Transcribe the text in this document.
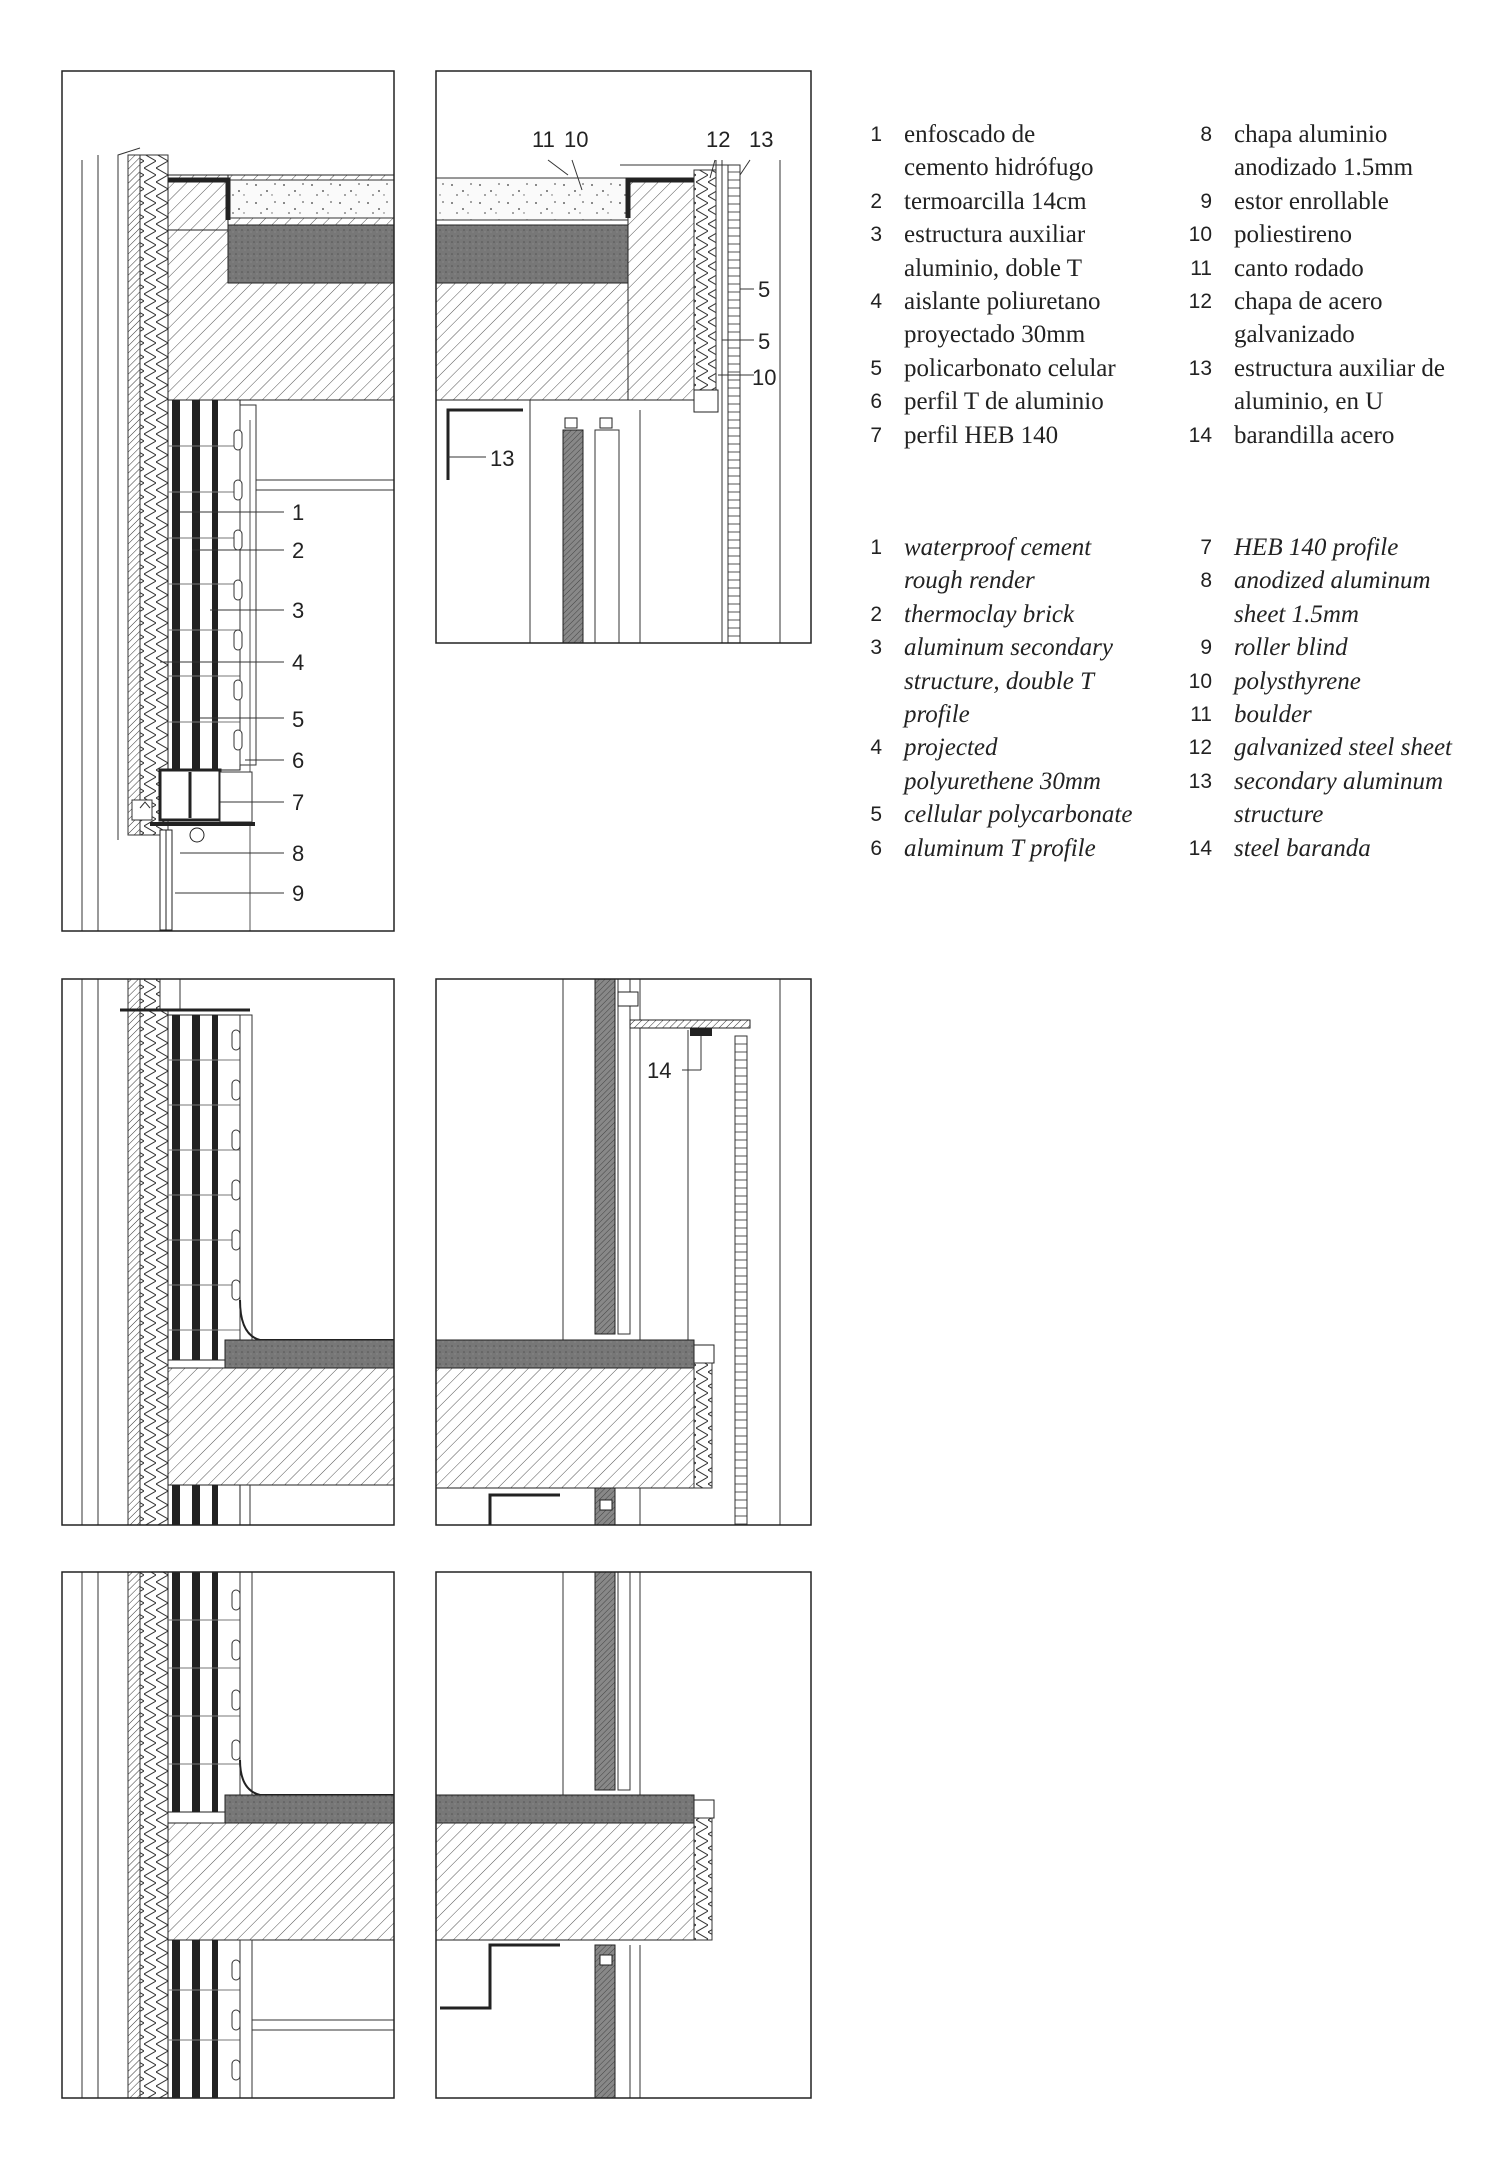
1
2
3
4
5
6
7
8
9
11 10	12 13
5
5
10
13
14
1 enfoscado de
cemento hidrófugo
2 termoarcilla 14cm
3 estructura auxiliar
aluminio, doble T
4 aislante poliuretano
proyectado 30mm
5 policarbonato celular
6 perfil T de aluminio
7 perfil HEB 140
8 chapa aluminio
anodizado 1.5mm
9 estor enrollable
10 poliestireno
11 canto rodado
12 chapa de acero
galvanizado
13 estructura auxiliar de
aluminio, en U
14 barandilla acero
1 waterproof cement
rough render
2 thermoclay brick
3 aluminum secondary
structure, double T
profile
4 projected
polyurethene 30mm
5 cellular polycarbonate
6 aluminum T profile
7 HEB 140 profile
8 anodized aluminum
sheet 1.5mm
9 roller blind
10 polysthyrene
11 boulder
12 galvanized steel sheet
13 secondary aluminum
structure
14 steel baranda
